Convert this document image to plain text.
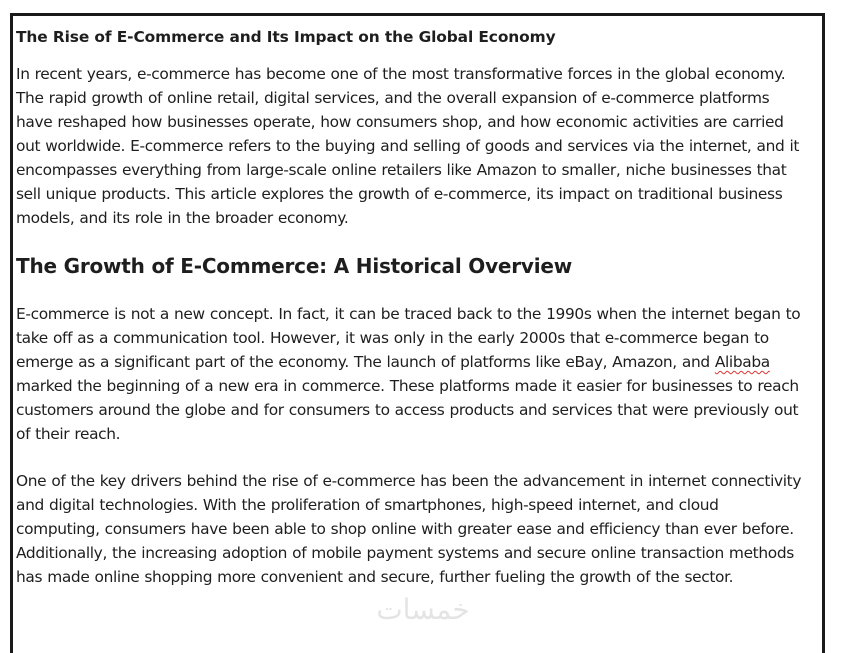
The Rise of E-Commerce and Its Impact on the Global Economy

In recent years, e-commerce has become one of the most transformative forces in the global economy. The rapid growth of online retail, digital services, and the overall expansion of e-commerce platforms have reshaped how businesses operate, how consumers shop, and how economic activities are carried out worldwide. E-commerce refers to the buying and selling of goods and services via the internet, and it encompasses everything from large-scale online retailers like Amazon to smaller, niche businesses that sell unique products. This article explores the growth of e-commerce, its impact on traditional business models, and its role in the broader economy.

The Growth of E-Commerce: A Historical Overview

E-commerce is not a new concept. In fact, it can be traced back to the 1990s when the internet began to take off as a communication tool. However, it was only in the early 2000s that e-commerce began to emerge as a significant part of the economy. The launch of platforms like eBay, Amazon, and Alibaba marked the beginning of a new era in commerce. These platforms made it easier for businesses to reach customers around the globe and for consumers to access products and services that were previously out of their reach.

One of the key drivers behind the rise of e-commerce has been the advancement in internet connectivity and digital technologies. With the proliferation of smartphones, high-speed internet, and cloud computing, consumers have been able to shop online with greater ease and efficiency than ever before. Additionally, the increasing adoption of mobile payment systems and secure online transaction methods has made online shopping more convenient and secure, further fueling the growth of the sector.

خمسات
